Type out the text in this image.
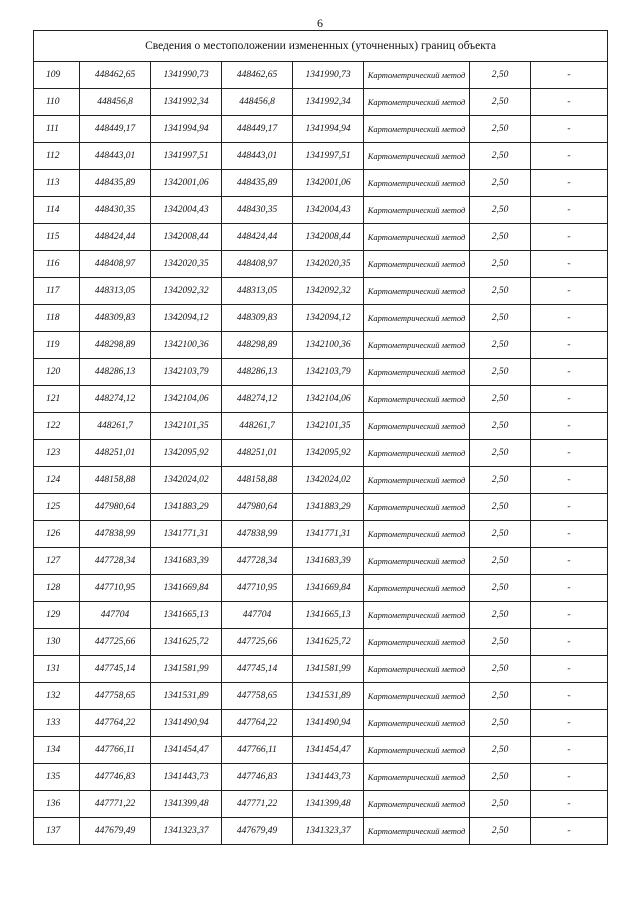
6
Сведения о местоположении измененных (уточненных) границ объекта							
109	448462,65	1341990,73	448462,65	1341990,73	Картометрический метод	2,50	-
110	448456,8	1341992,34	448456,8	1341992,34	Картометрический метод	2,50	-
111	448449,17	1341994,94	448449,17	1341994,94	Картометрический метод	2,50	-
112	448443,01	1341997,51	448443,01	1341997,51	Картометрический метод	2,50	-
113	448435,89	1342001,06	448435,89	1342001,06	Картометрический метод	2,50	-
114	448430,35	1342004,43	448430,35	1342004,43	Картометрический метод	2,50	-
115	448424,44	1342008,44	448424,44	1342008,44	Картометрический метод	2,50	-
116	448408,97	1342020,35	448408,97	1342020,35	Картометрический метод	2,50	-
117	448313,05	1342092,32	448313,05	1342092,32	Картометрический метод	2,50	-
118	448309,83	1342094,12	448309,83	1342094,12	Картометрический метод	2,50	-
119	448298,89	1342100,36	448298,89	1342100,36	Картометрический метод	2,50	-
120	448286,13	1342103,79	448286,13	1342103,79	Картометрический метод	2,50	-
121	448274,12	1342104,06	448274,12	1342104,06	Картометрический метод	2,50	-
122	448261,7	1342101,35	448261,7	1342101,35	Картометрический метод	2,50	-
123	448251,01	1342095,92	448251,01	1342095,92	Картометрический метод	2,50	-
124	448158,88	1342024,02	448158,88	1342024,02	Картометрический метод	2,50	-
125	447980,64	1341883,29	447980,64	1341883,29	Картометрический метод	2,50	-
126	447838,99	1341771,31	447838,99	1341771,31	Картометрический метод	2,50	-
127	447728,34	1341683,39	447728,34	1341683,39	Картометрический метод	2,50	-
128	447710,95	1341669,84	447710,95	1341669,84	Картометрический метод	2,50	-
129	447704	1341665,13	447704	1341665,13	Картометрический метод	2,50	-
130	447725,66	1341625,72	447725,66	1341625,72	Картометрический метод	2,50	-
131	447745,14	1341581,99	447745,14	1341581,99	Картометрический метод	2,50	-
132	447758,65	1341531,89	447758,65	1341531,89	Картометрический метод	2,50	-
133	447764,22	1341490,94	447764,22	1341490,94	Картометрический метод	2,50	-
134	447766,11	1341454,47	447766,11	1341454,47	Картометрический метод	2,50	-
135	447746,83	1341443,73	447746,83	1341443,73	Картометрический метод	2,50	-
136	447771,22	1341399,48	447771,22	1341399,48	Картометрический метод	2,50	-
137	447679,49	1341323,37	447679,49	1341323,37	Картометрический метод	2,50	-
